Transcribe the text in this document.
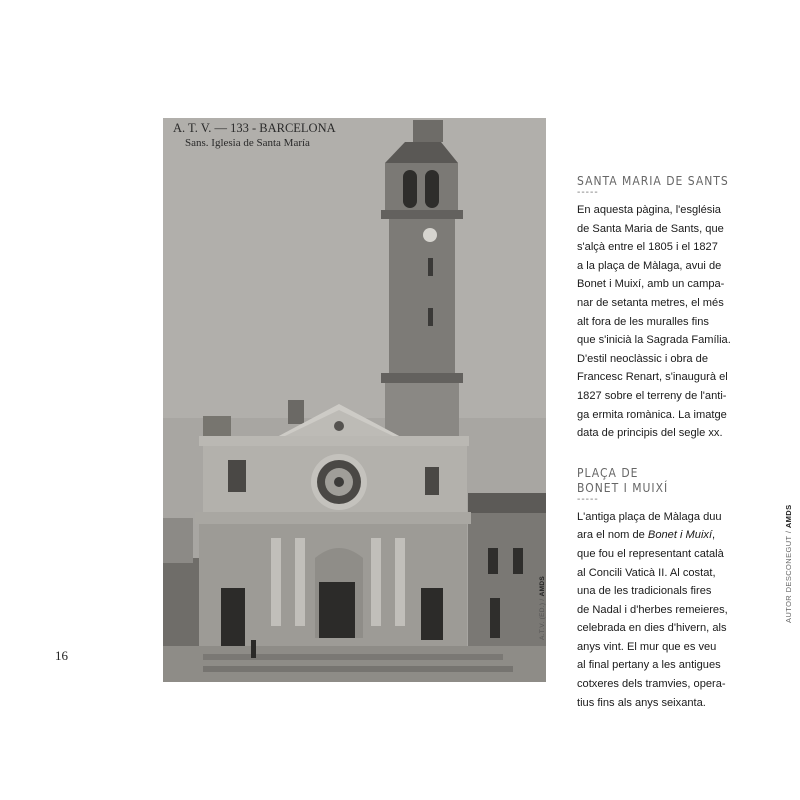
16
A. T. V. — 133 - BARCELONA
Sans. Iglesia de Santa María
A.T.V. (ED.) / AMDS

SANTA MARIA DE SANTS

-----

En aquesta pàgina, l'església
de Santa Maria de Sants, que
s'alçà entre el 1805 i el 1827
a la plaça de Màlaga, avui de
Bonet i Muixí, amb un campa-
nar de setanta metres, el més
alt fora de les muralles fins
que s'inicià la Sagrada Família.
D'estil neoclàssic i obra de
Francesc Renart, s'inaugurà el
1827 sobre el terreny de l'anti-
ga ermita romànica. La imatge
data de principis del segle xx.

PLAÇA DE
BONET I MUIXÍ

-----

L'antiga plaça de Màlaga duu
ara el nom de Bonet i Muixí,
que fou el representant català
al Concili Vaticà II. Al costat,
una de les tradicionals fires
de Nadal i d'herbes remeieres,
celebrada en dies d'hivern, als
anys vint. El mur que es veu
al final pertany a les antigues
cotxeres dels tramvies, opera-
tius fins als anys seixanta.

AUTOR DESCONEGUT / AMDS
